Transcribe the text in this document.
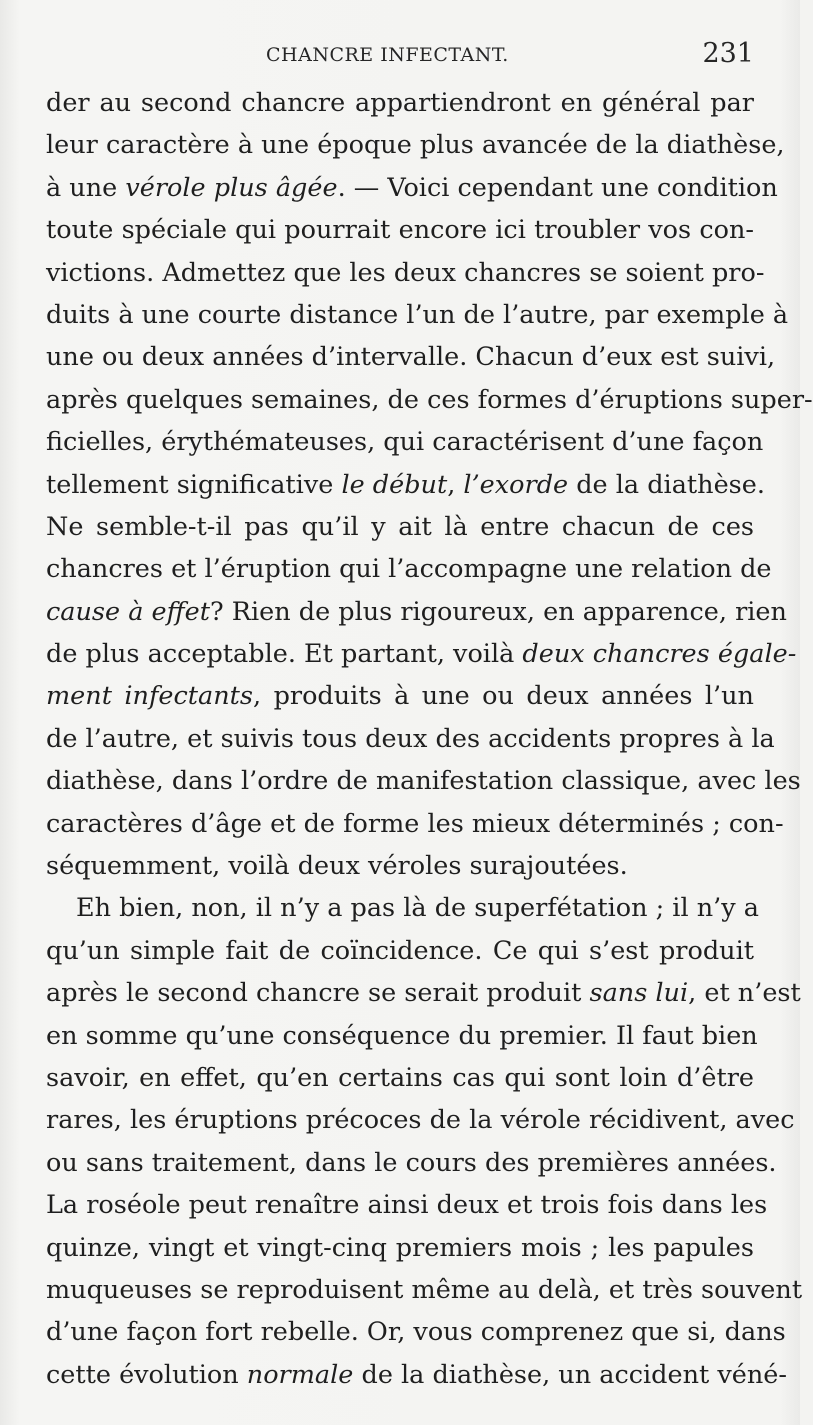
CHANCRE INFECTANT.	231
der au second chancre appartiendront en général par
leur caractère à une époque plus avancée de la diathèse,
à une vérole plus âgée. — Voici cependant une condition
toute spéciale qui pourrait encore ici troubler vos con-
victions. Admettez que les deux chancres se soient pro-
duits à une courte distance l’un de l’autre, par exemple à
une ou deux années d’intervalle. Chacun d’eux est suivi,
après quelques semaines, de ces formes d’éruptions super-
ficielles, érythémateuses, qui caractérisent d’une façon
tellement significative le début, l’exorde de la diathèse.
Ne semble-t-il pas qu’il y ait là entre chacun de ces
chancres et l’éruption qui l’accompagne une relation de
cause à effet? Rien de plus rigoureux, en apparence, rien
de plus acceptable. Et partant, voilà deux chancres égale-
ment infectants, produits à une ou deux années l’un
de l’autre, et suivis tous deux des accidents propres à la
diathèse, dans l’ordre de manifestation classique, avec les
caractères d’âge et de forme les mieux déterminés ; con-
séquemment, voilà deux véroles surajoutées.
Eh bien, non, il n’y a pas là de superfétation ; il n’y a
qu’un simple fait de coïncidence. Ce qui s’est produit
après le second chancre se serait produit sans lui, et n’est
en somme qu’une conséquence du premier. Il faut bien
savoir, en effet, qu’en certains cas qui sont loin d’être
rares, les éruptions précoces de la vérole récidivent, avec
ou sans traitement, dans le cours des premières années.
La roséole peut renaître ainsi deux et trois fois dans les
quinze, vingt et vingt-cinq premiers mois ; les papules
muqueuses se reproduisent même au delà, et très souvent
d’une façon fort rebelle. Or, vous comprenez que si, dans
cette évolution normale de la diathèse, un accident véné-
